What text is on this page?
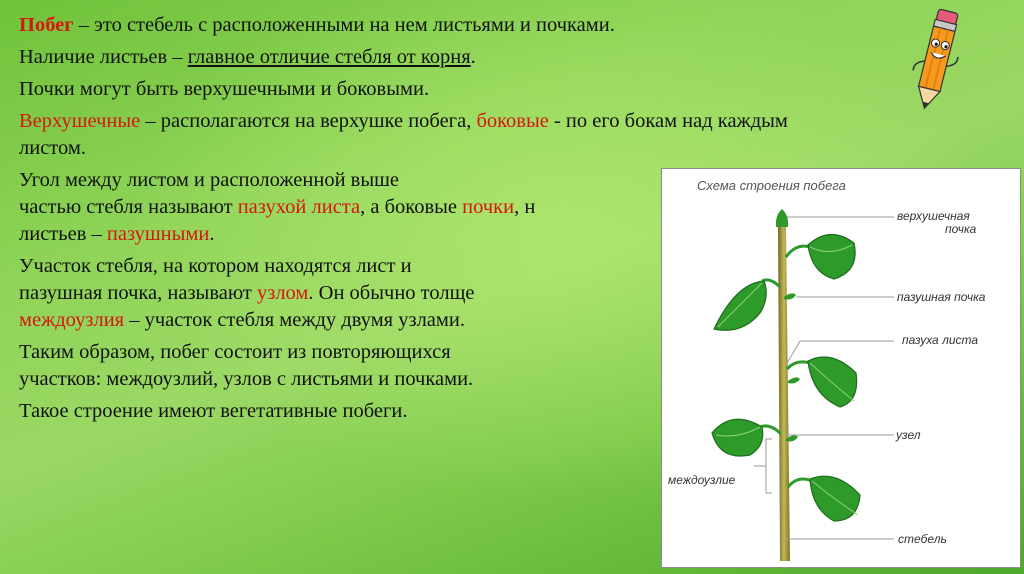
Побег – это стебель с расположенными на нем листьями и почками.

Наличие листьев – главное отличие стебля от корня.

Почки могут быть верхушечными и боковыми.

Верхушечные – располагаются на верхушке побега, боковые - по его бокам над каждым
листом.

Угол между листом и расположенной выше
частью стебля называют пазухой листа, а боковые почки, н
листьев – пазушными.

Участок стебля, на котором находятся лист и
пазушная почка, называют узлом. Он обычно толще
междоузлия – участок стебля между двумя узлами.

Таким образом, побег состоит из повторяющихся
участков: междоузлий, узлов с листьями и почками.

Такое строение имеют вегетативные побеги.

Схема строения побега
верхушечная
почка
пазушная почка
пазуха листа
узел
междоузлие
стебель
